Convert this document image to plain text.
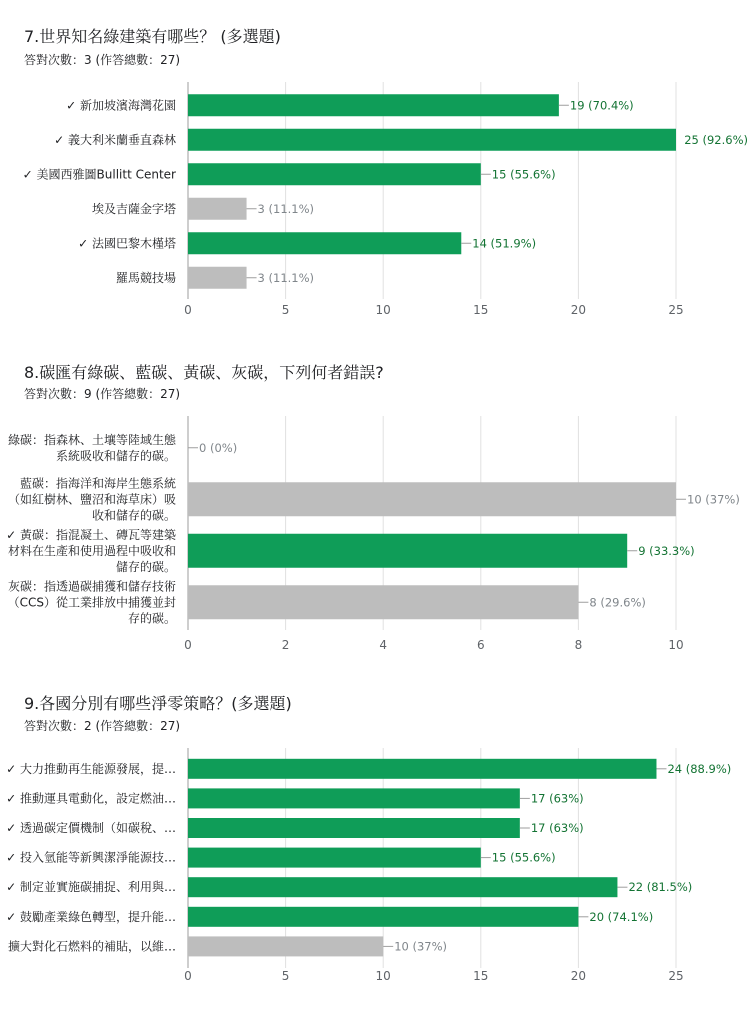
7.世界知名綠建築有哪些？ (多選題)
答對次數：3 (作答總數：27)
0	5	10	15	20	25
✓ 新加坡濱海灣花園	19 (70.4%)
✓ 義大利米蘭垂直森林	25 (92.6%)
✓ 美國西雅圖Bullitt Center	15 (55.6%)
埃及吉薩金字塔	3 (11.1%)
✓ 法國巴黎木槿塔	14 (51.9%)
羅馬競技場	3 (11.1%)
8.碳匯有綠碳、藍碳、黃碳、灰碳，下列何者錯誤?
答對次數：9 (作答總數：27)
0	2	4	6	8	10
綠碳：指森林、土壤等陸域生態
系統吸收和儲存的碳。
0 (0%)
藍碳：指海洋和海岸生態系統
（如紅樹林、鹽沼和海草床）吸
收和儲存的碳。
10 (37%)
✓ 黃碳：指混凝土、磚瓦等建築
材料在生產和使用過程中吸收和
儲存的碳。
9 (33.3%)
灰碳：指透過碳捕獲和儲存技術
（CCS）從工業排放中捕獲並封
存的碳。
8 (29.6%)
9.各國分別有哪些淨零策略？(多選題)
答對次數：2 (作答總數：27)
0	5	10	15	20	25
✓ 大力推動再生能源發展，提…	24 (88.9%)
✓ 推動運具電動化，設定燃油…	17 (63%)
✓ 透過碳定價機制（如碳稅、…	17 (63%)
✓ 投入氫能等新興潔淨能源技…	15 (55.6%)
✓ 制定並實施碳捕捉、利用與…	22 (81.5%)
✓ 鼓勵產業綠色轉型，提升能…	20 (74.1%)
擴大對化石燃料的補貼，以維…	10 (37%)
